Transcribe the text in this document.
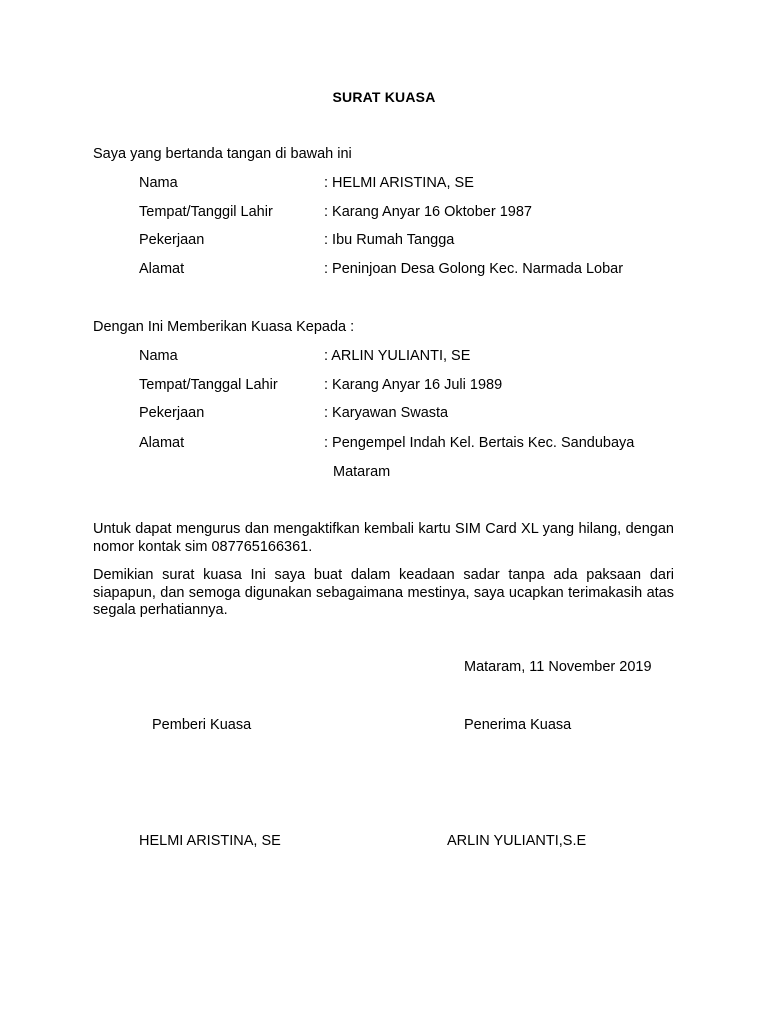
SURAT KUASA
Saya yang bertanda tangan di bawah ini
Nama	: HELMI ARISTINA, SE
Tempat/Tanggil Lahir	: Karang Anyar 16 Oktober 1987
Pekerjaan	: Ibu Rumah Tangga
Alamat	: Peninjoan Desa Golong Kec. Narmada Lobar
Dengan Ini Memberikan Kuasa Kepada :
Nama	: ARLIN YULIANTI, SE
Tempat/Tanggal Lahir	: Karang Anyar 16 Juli 1989
Pekerjaan	: Karyawan Swasta
Alamat	: Pengempel Indah Kel. Bertais Kec. Sandubaya
Mataram
Untuk dapat mengurus dan mengaktifkan kembali kartu SIM Card XL yang hilang, dengan nomor kontak sim 087765166361.
Demikian surat kuasa Ini saya buat dalam keadaan sadar tanpa ada paksaan dari siapapun, dan semoga digunakan sebagaimana mestinya, saya ucapkan terimakasih atas segala perhatiannya.
Mataram, 11 November 2019
Pemberi Kuasa	Penerima Kuasa
HELMI ARISTINA, SE	ARLIN YULIANTI,S.E
